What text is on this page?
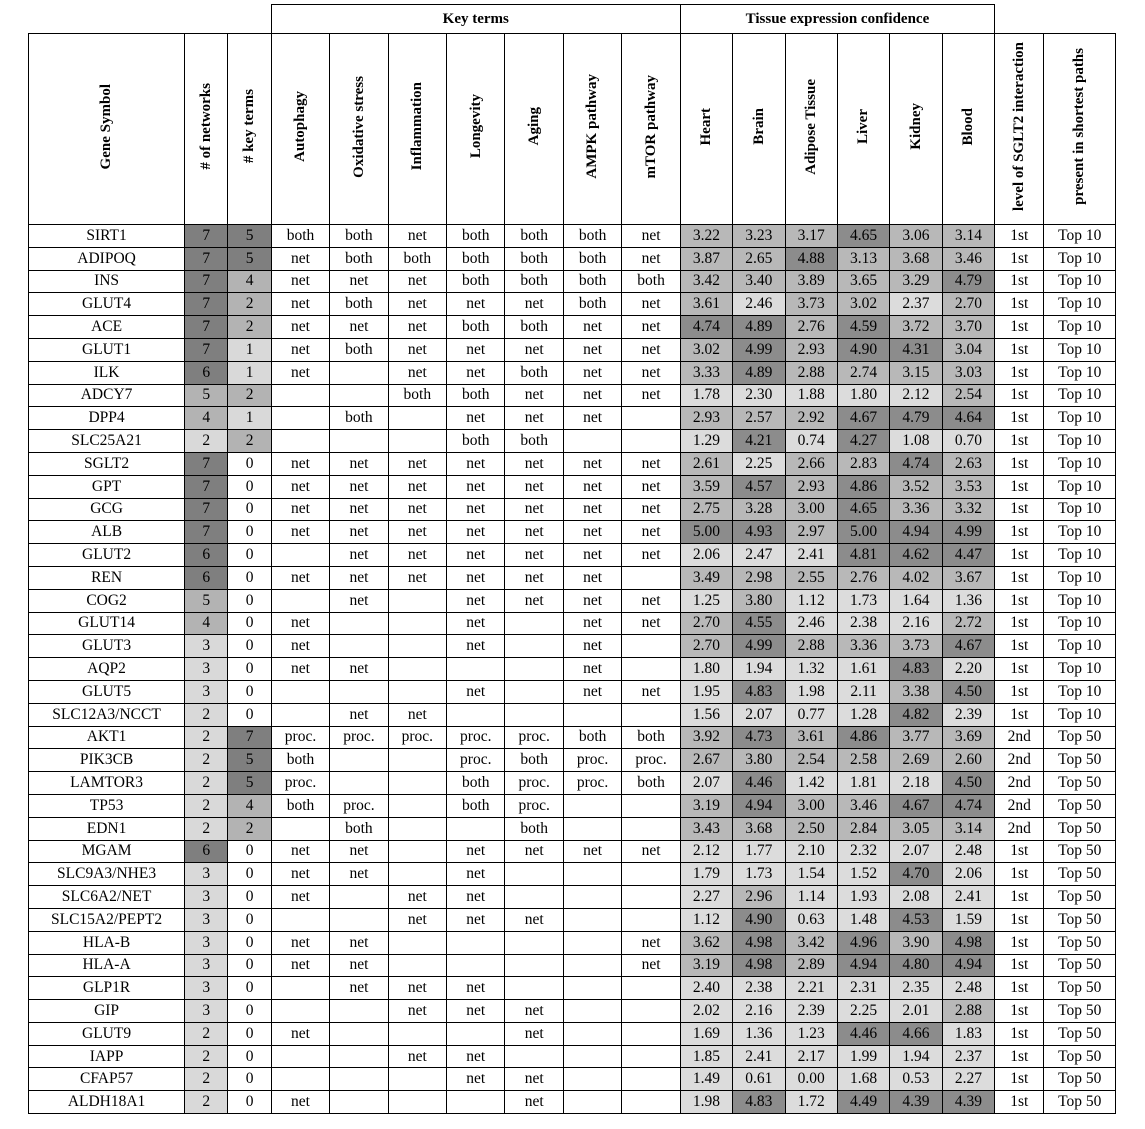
			Key terms							Tissue expression confidence							
Gene Symbol	# of networks	# key terms	Autophagy	Oxidative stress	Inflammation	Longevity	Aging	AMPK pathway	mTOR pathway	Heart	Brain	Adipose Tissue	Liver	Kidney	Blood	level of SGLT2 interaction	present in shortest paths
SIRT1	7	5	both	both	net	both	both	both	net	3.22	3.23	3.17	4.65	3.06	3.14	1st	Top 10
ADIPOQ	7	5	net	both	both	both	both	both	net	3.87	2.65	4.88	3.13	3.68	3.46	1st	Top 10
INS	7	4	net	net	net	both	both	both	both	3.42	3.40	3.89	3.65	3.29	4.79	1st	Top 10
GLUT4	7	2	net	both	net	net	net	both	net	3.61	2.46	3.73	3.02	2.37	2.70	1st	Top 10
ACE	7	2	net	net	net	both	both	net	net	4.74	4.89	2.76	4.59	3.72	3.70	1st	Top 10
GLUT1	7	1	net	both	net	net	net	net	net	3.02	4.99	2.93	4.90	4.31	3.04	1st	Top 10
ILK	6	1	net		net	net	both	net	net	3.33	4.89	2.88	2.74	3.15	3.03	1st	Top 10
ADCY7	5	2			both	both	net	net	net	1.78	2.30	1.88	1.80	2.12	2.54	1st	Top 10
DPP4	4	1		both		net	net	net		2.93	2.57	2.92	4.67	4.79	4.64	1st	Top 10
SLC25A21	2	2				both	both			1.29	4.21	0.74	4.27	1.08	0.70	1st	Top 10
SGLT2	7	0	net	net	net	net	net	net	net	2.61	2.25	2.66	2.83	4.74	2.63	1st	Top 10
GPT	7	0	net	net	net	net	net	net	net	3.59	4.57	2.93	4.86	3.52	3.53	1st	Top 10
GCG	7	0	net	net	net	net	net	net	net	2.75	3.28	3.00	4.65	3.36	3.32	1st	Top 10
ALB	7	0	net	net	net	net	net	net	net	5.00	4.93	2.97	5.00	4.94	4.99	1st	Top 10
GLUT2	6	0		net	net	net	net	net	net	2.06	2.47	2.41	4.81	4.62	4.47	1st	Top 10
REN	6	0	net	net	net	net	net	net		3.49	2.98	2.55	2.76	4.02	3.67	1st	Top 10
COG2	5	0		net		net	net	net	net	1.25	3.80	1.12	1.73	1.64	1.36	1st	Top 10
GLUT14	4	0	net			net		net	net	2.70	4.55	2.46	2.38	2.16	2.72	1st	Top 10
GLUT3	3	0	net			net		net		2.70	4.99	2.88	3.36	3.73	4.67	1st	Top 10
AQP2	3	0	net	net				net		1.80	1.94	1.32	1.61	4.83	2.20	1st	Top 10
GLUT5	3	0				net		net	net	1.95	4.83	1.98	2.11	3.38	4.50	1st	Top 10
SLC12A3/NCCT	2	0		net	net					1.56	2.07	0.77	1.28	4.82	2.39	1st	Top 10
AKT1	2	7	proc.	proc.	proc.	proc.	proc.	both	both	3.92	4.73	3.61	4.86	3.77	3.69	2nd	Top 50
PIK3CB	2	5	both			proc.	both	proc.	proc.	2.67	3.80	2.54	2.58	2.69	2.60	2nd	Top 50
LAMTOR3	2	5	proc.			both	proc.	proc.	both	2.07	4.46	1.42	1.81	2.18	4.50	2nd	Top 50
TP53	2	4	both	proc.		both	proc.			3.19	4.94	3.00	3.46	4.67	4.74	2nd	Top 50
EDN1	2	2		both			both			3.43	3.68	2.50	2.84	3.05	3.14	2nd	Top 50
MGAM	6	0	net	net		net	net	net	net	2.12	1.77	2.10	2.32	2.07	2.48	1st	Top 50
SLC9A3/NHE3	3	0	net	net		net				1.79	1.73	1.54	1.52	4.70	2.06	1st	Top 50
SLC6A2/NET	3	0	net		net	net				2.27	2.96	1.14	1.93	2.08	2.41	1st	Top 50
SLC15A2/PEPT2	3	0			net	net	net			1.12	4.90	0.63	1.48	4.53	1.59	1st	Top 50
HLA-B	3	0	net	net					net	3.62	4.98	3.42	4.96	3.90	4.98	1st	Top 50
HLA-A	3	0	net	net					net	3.19	4.98	2.89	4.94	4.80	4.94	1st	Top 50
GLP1R	3	0		net	net	net				2.40	2.38	2.21	2.31	2.35	2.48	1st	Top 50
GIP	3	0			net	net	net			2.02	2.16	2.39	2.25	2.01	2.88	1st	Top 50
GLUT9	2	0	net				net			1.69	1.36	1.23	4.46	4.66	1.83	1st	Top 50
IAPP	2	0			net	net				1.85	2.41	2.17	1.99	1.94	2.37	1st	Top 50
CFAP57	2	0				net	net			1.49	0.61	0.00	1.68	0.53	2.27	1st	Top 50
ALDH18A1	2	0	net				net			1.98	4.83	1.72	4.49	4.39	4.39	1st	Top 50
